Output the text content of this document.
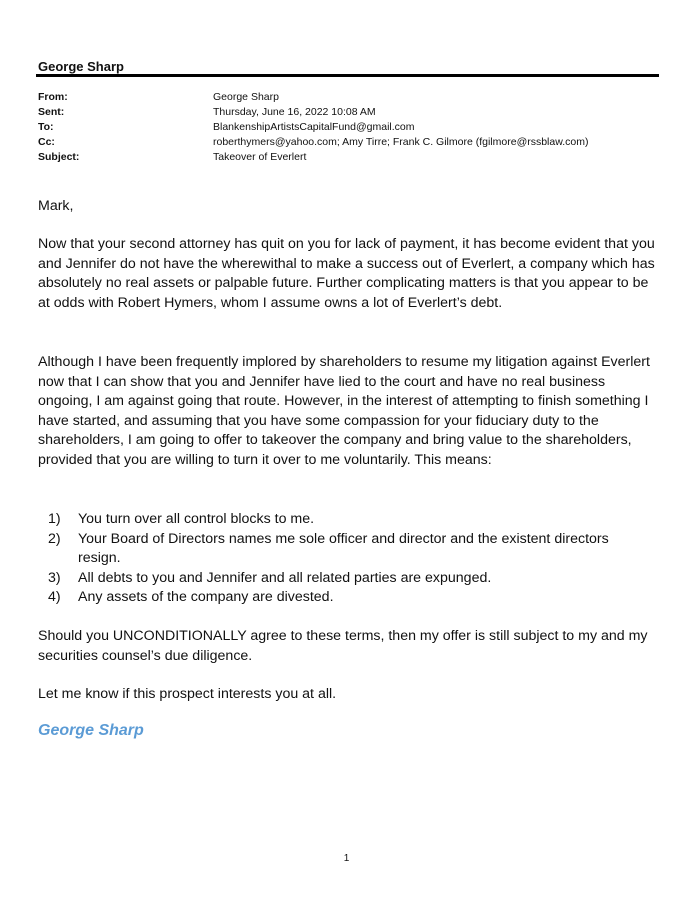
George Sharp
From:	George Sharp
Sent:	Thursday, June 16, 2022 10:08 AM
To:	BlankenshipArtistsCapitalFund@gmail.com
Cc:	roberthymers@yahoo.com; Amy Tirre; Frank C. Gilmore (fgilmore@rssblaw.com)
Subject:	Takeover of Everlert
Mark,

Now that your second attorney has quit on you for lack of payment, it has become evident that you and Jennifer do not have the wherewithal to make a success out of Everlert, a company which has absolutely no real assets or palpable future. Further complicating matters is that you appear to be at odds with Robert Hymers, whom I assume owns a lot of Everlert’s debt.

Although I have been frequently implored by shareholders to resume my litigation against Everlert now that I can show that you and Jennifer have lied to the court and have no real business ongoing, I am against going that route. However, in the interest of attempting to finish something I have started, and assuming that you have some compassion for your fiduciary duty to the shareholders, I am going to offer to takeover the company and bring value to the shareholders, provided that you are willing to turn it over to me voluntarily. This means:

1) You turn over all control blocks to me.
2) Your Board of Directors names me sole officer and director and the existent directors resign.
3) All debts to you and Jennifer and all related parties are expunged.
4) Any assets of the company are divested.

Should you UNCONDITIONALLY agree to these terms, then my offer is still subject to my and my securities counsel’s due diligence.

Let me know if this prospect interests you at all.

George Sharp
1
